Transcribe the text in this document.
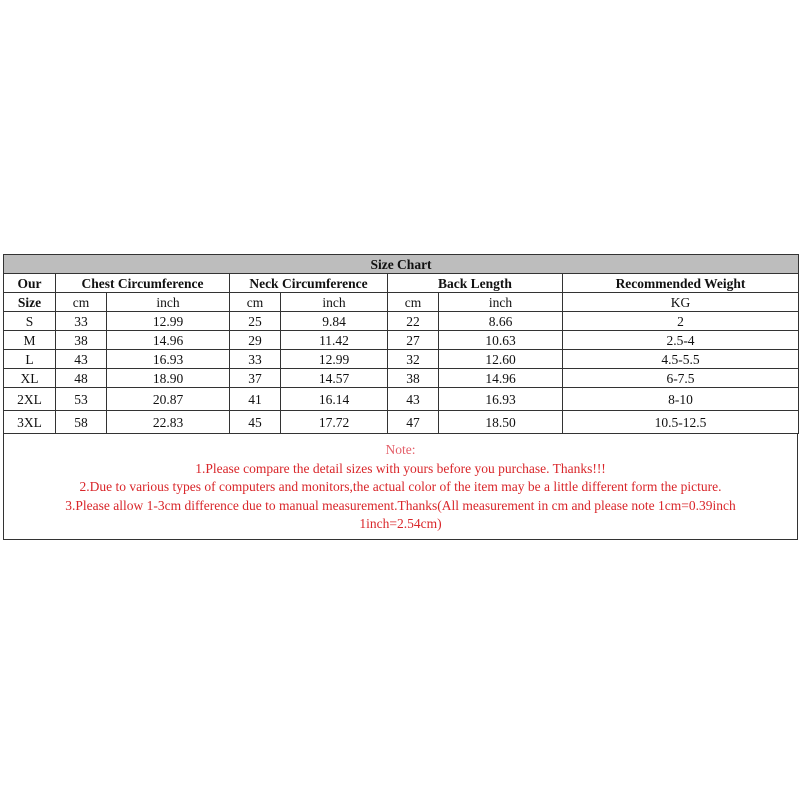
Size Chart							
Our	Chest Circumference		Neck Circumference		Back Length		Recommended Weight
Size	cm	inch	cm	inch	cm	inch	KG
S	33	12.99	25	9.84	22	8.66	2
M	38	14.96	29	11.42	27	10.63	2.5-4
L	43	16.93	33	12.99	32	12.60	4.5-5.5
XL	48	18.90	37	14.57	38	14.96	6-7.5
2XL	53	20.87	41	16.14	43	16.93	8-10
3XL	58	22.83	45	17.72	47	18.50	10.5-12.5
Note:
1.Please compare the detail sizes with yours before you purchase. Thanks!!!
2.Due to various types of computers and monitors,the actual color of the item may be a little different form the picture.
3.Please allow 1-3cm difference due to manual measurement.Thanks(All measurement in cm and please note 1cm=0.39inch
1inch=2.54cm)
